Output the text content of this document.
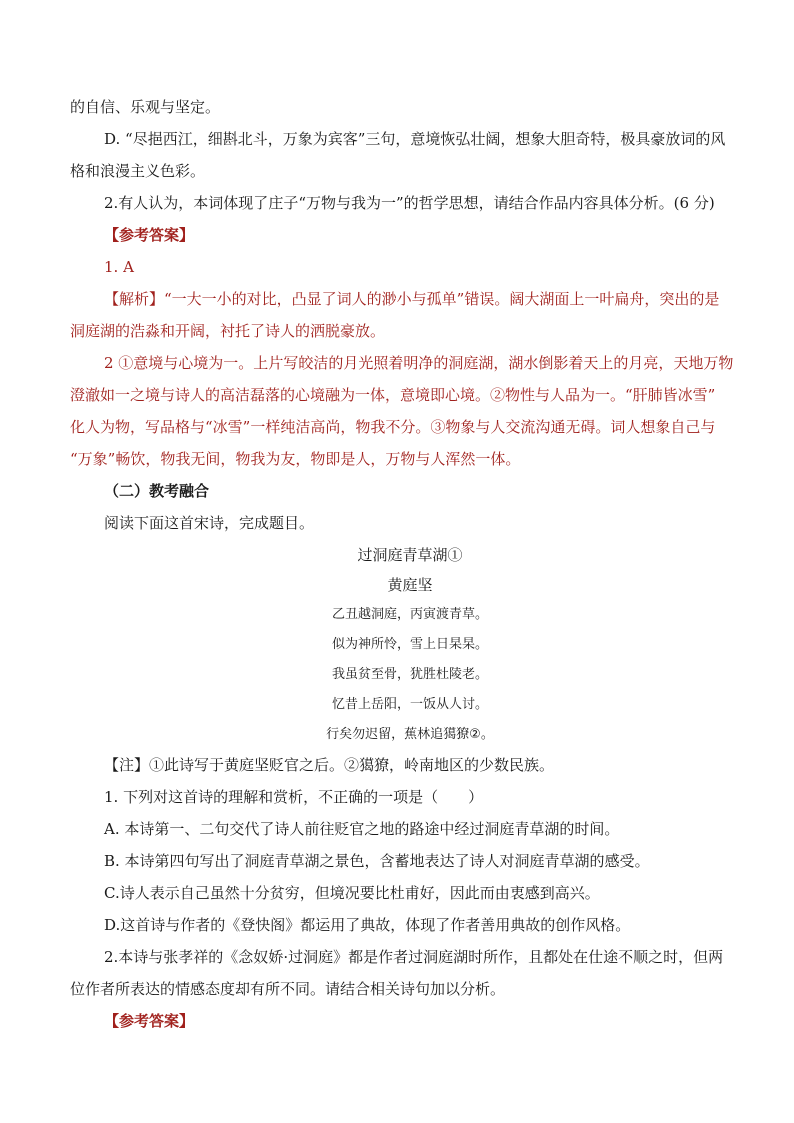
的自信、乐观与坚定。
D. “尽挹西江，细斟北斗，万象为宾客”三句，意境恢弘壮阔，想象大胆奇特，极具豪放词的风
格和浪漫主义色彩。
2.有人认为，本词体现了庄子“万物与我为一”的哲学思想，请结合作品内容具体分析。(6 分)
【参考答案】
1. A
【解析】“一大一小的对比，凸显了词人的渺小与孤单”错误。阔大湖面上一叶扁舟，突出的是
洞庭湖的浩淼和开阔，衬托了诗人的洒脱豪放。
2 ①意境与心境为一。上片写皎洁的月光照着明净的洞庭湖，湖水倒影着天上的月亮，天地万物
澄澈如一之境与诗人的高洁磊落的心境融为一体，意境即心境。②物性与人品为一。“肝肺皆冰雪”
化人为物，写品格与“冰雪”一样纯洁高尚，物我不分。③物象与人交流沟通无碍。词人想象自己与
“万象”畅饮，物我无间，物我为友，物即是人，万物与人浑然一体。
（二）教考融合
阅读下面这首宋诗，完成题目。
过洞庭青草湖①
黄庭坚
乙丑越洞庭，丙寅渡青草。
似为神所怜，雪上日杲杲。
我虽贫至骨，犹胜杜陵老。
忆昔上岳阳，一饭从人讨。
行矣勿迟留，蕉林追獦獠②。
【注】①此诗写于黄庭坚贬官之后。②獦獠，岭南地区的少数民族。
1. 下列对这首诗的理解和赏析，不正确的一项是（　　）
A. 本诗第一、二句交代了诗人前往贬官之地的路途中经过洞庭青草湖的时间。
B. 本诗第四句写出了洞庭青草湖之景色，含蓄地表达了诗人对洞庭青草湖的感受。
C.诗人表示自己虽然十分贫穷，但境况要比杜甫好，因此而由衷感到高兴。
D.这首诗与作者的《登快阁》都运用了典故，体现了作者善用典故的创作风格。
2.本诗与张孝祥的《念奴娇·过洞庭》都是作者过洞庭湖时所作，且都处在仕途不顺之时，但两
位作者所表达的情感态度却有所不同。请结合相关诗句加以分析。
【参考答案】
